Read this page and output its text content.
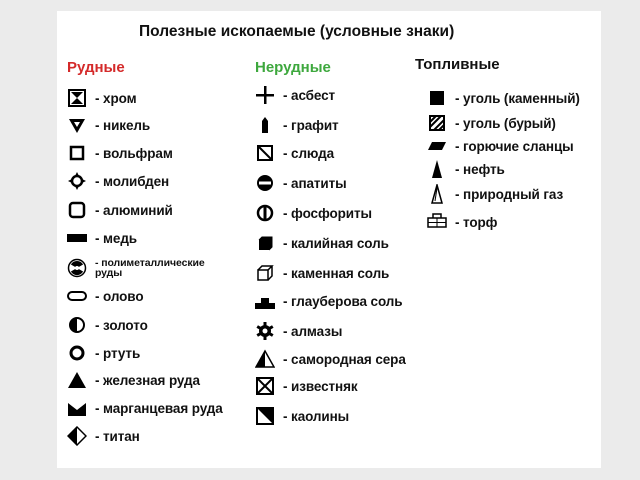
Полезные ископаемые (условные знаки)
Рудные	Нерудные	Топливные
- хром
- никель
- вольфрам
- молибден
- алюминий
- медь
- полиметаллические
руды
- олово
- золото
- ртуть
- железная руда
- марганцевая руда
- титан
- асбест
- графит
- слюда
- апатиты
- фосфориты
- калийная соль
- каменная соль
- глауберова соль
- алмазы
- самородная сера
- известняк
- каолины
- уголь (каменный)
- уголь (бурый)
- горючие сланцы
- нефть
- природный газ
- торф
